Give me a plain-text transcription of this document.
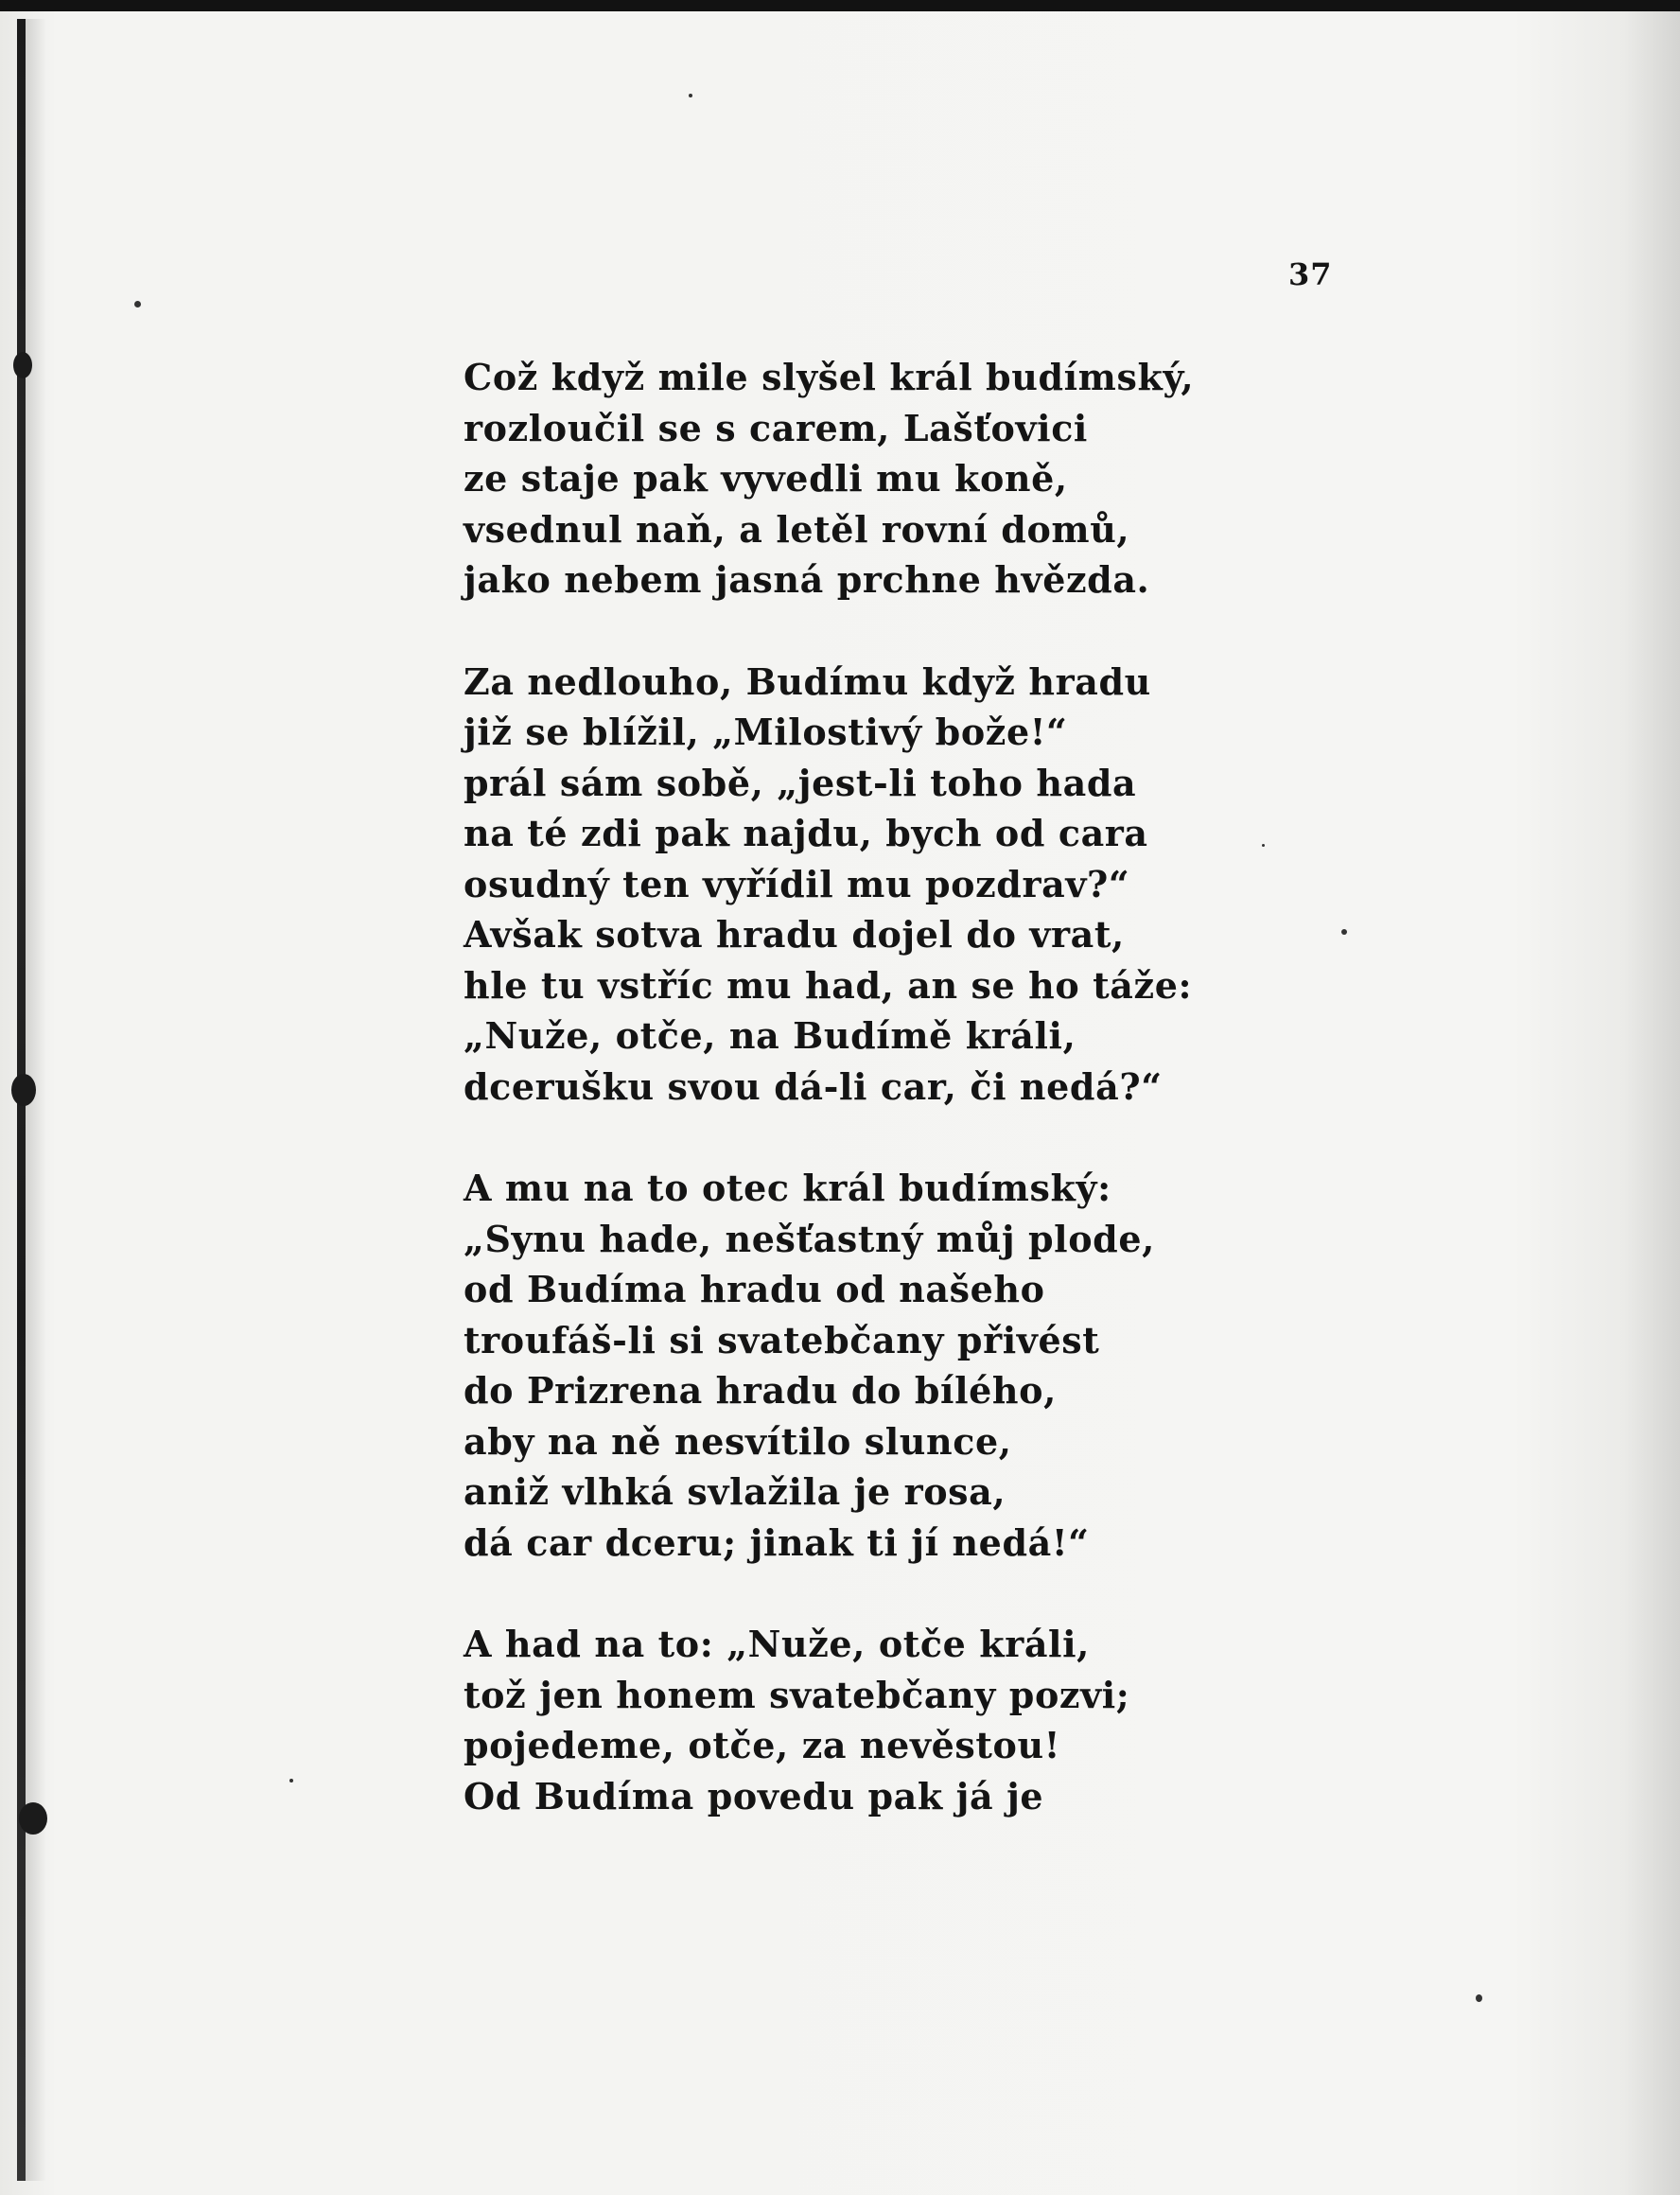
37
Což když mile slyšel král budímský,
rozloučil se s carem, Lašťovici
ze staje pak vyvedli mu koně,
vsednul naň, a letěl rovní domů,
jako nebem jasná prchne hvězda.
Za nedlouho, Budímu když hradu
již se blížil, „Milostivý bože!“
prál sám sobě, „jest-li toho hada
na té zdi pak najdu, bych od cara
osudný ten vyřídil mu pozdrav?“
Avšak sotva hradu dojel do vrat,
hle tu vstříc mu had, an se ho táže:
„Nuže, otče, na Budímě králi,
dcerušku svou dá-li car, či nedá?“
A mu na to otec král budímský:
„Synu hade, nešťastný můj plode,
od Budíma hradu od našeho
troufáš-li si svatebčany přivést
do Prizrena hradu do bílého,
aby na ně nesvítilo slunce,
aniž vlhká svlažila je rosa,
dá car dceru; jinak ti jí nedá!“
A had na to: „Nuže, otče králi,
tož jen honem svatebčany pozvi;
pojedeme, otče, za nevěstou!
Od Budíma povedu pak já je
